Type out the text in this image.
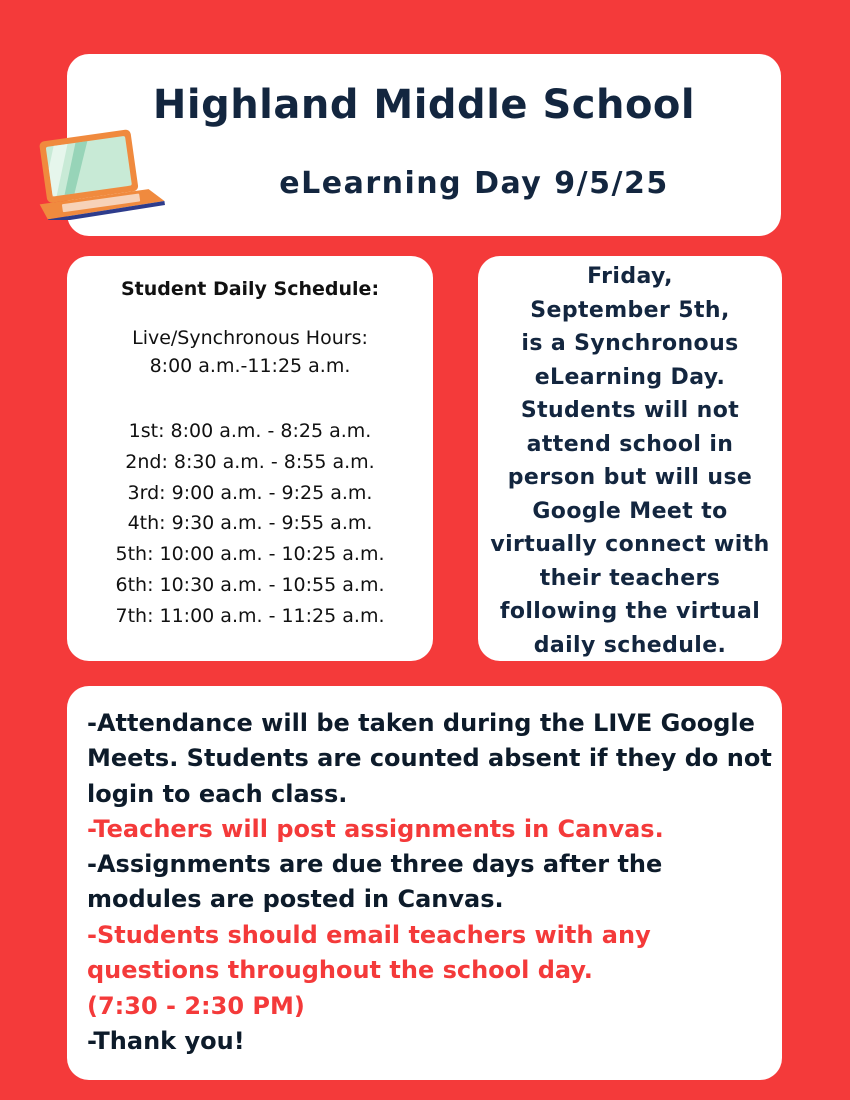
Highland Middle School
eLearning Day 9/5/25
Student Daily Schedule:
Live/Synchronous Hours:
8:00 a.m.-11:25 a.m.
1st: 8:00 a.m. - 8:25 a.m.
2nd: 8:30 a.m. - 8:55 a.m.
3rd: 9:00 a.m. - 9:25 a.m.
4th: 9:30 a.m. - 9:55 a.m.
5th: 10:00 a.m. - 10:25 a.m.
6th: 10:30 a.m. - 10:55 a.m.
7th: 11:00 a.m. - 11:25 a.m.
Friday,
September 5th,
is a Synchronous
eLearning Day.
Students will not
attend school in
person but will use
Google Meet to
virtually connect with
their teachers
following the virtual
daily schedule.

-Attendance will be taken during the LIVE Google Meets. Students are counted absent if they do not login to each class.

-Teachers will post assignments in Canvas.

-Assignments are due three days after the modules are posted in Canvas.

-Students should email teachers with any questions throughout the school day.

(7:30 - 2:30 PM)

-Thank you!
